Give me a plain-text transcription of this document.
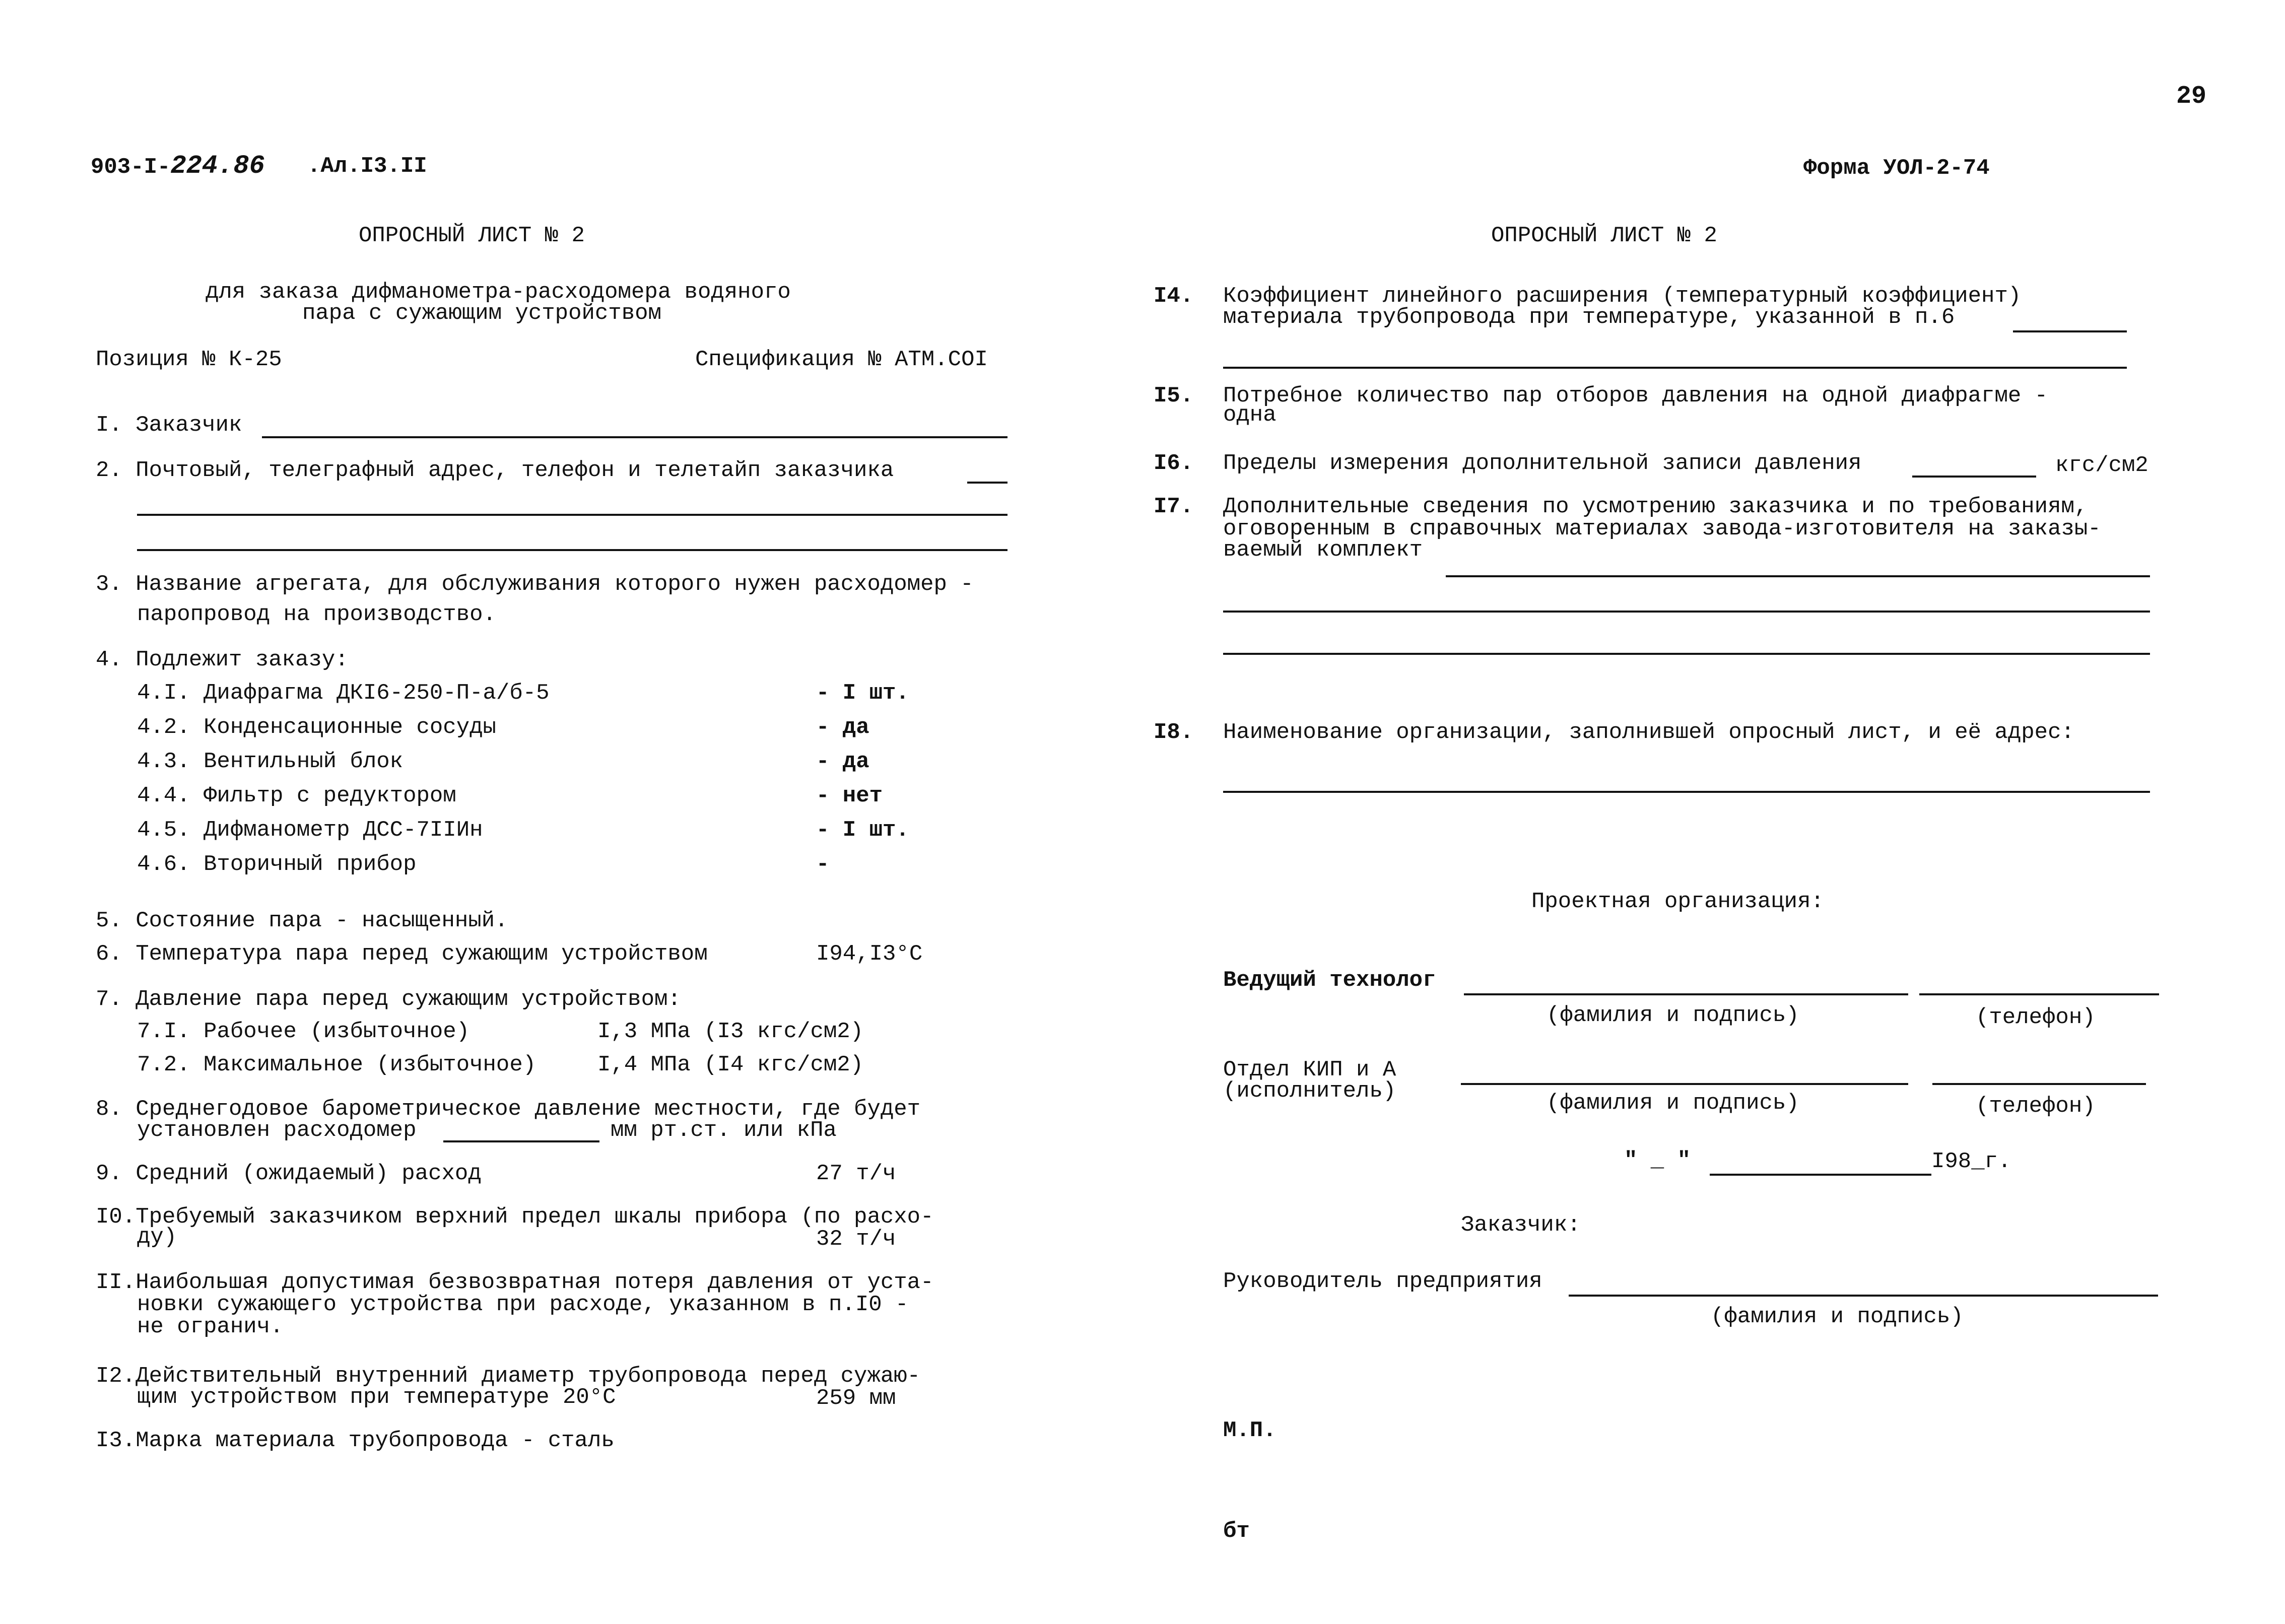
29
903-I-224.86 .Ал.I3.II	Форма УОЛ-2-74
ОПРОСНЫЙ ЛИСТ № 2
для заказа дифманометра-расходомера водяного
пара с сужающим устройством
Позиция № К-25	Спецификация № АТМ.СОI
I. Заказчик
2. Почтовый, телеграфный адрес, телефон и телетайп заказчика
3. Название агрегата, для обслуживания которого нужен расходомер -
паропровод на производство.
4. Подлежит заказу:
4.I. Диафрагма ДКI6-250-П-а/б-5	- I шт.
4.2. Конденсационные сосуды	- да
4.3. Вентильный блок	- да
4.4. Фильтр с редуктором	- нет
4.5. Дифманометр ДСС-7IIИн	- I шт.
4.6. Вторичный прибор	-
5. Состояние пара - насыщенный.
6. Температура пара перед сужающим устройством	I94,I3°С
7. Давление пара перед сужающим устройством:
7.I. Рабочее (избыточное)	I,3 МПа (I3 кгс/см2)
7.2. Максимальное (избыточное)	I,4 МПа (I4 кгс/см2)
8. Среднегодовое барометрическое давление местности, где будет
установлен расходомер	мм рт.ст. или кПа
9. Средний (ожидаемый) расход	27 т/ч
I0.Требуемый заказчиком верхний предел шкалы прибора (по расхо-
ду)	32 т/ч
II.Наибольшая допустимая безвозвратная потеря давления от уста-
новки сужающего устройства при расходе, указанном в п.I0 -
не огранич.
I2.Действительный внутренний диаметр трубопровода перед сужаю-
щим устройством при температуре 20°С	259 мм
I3.Марка материала трубопровода - сталь
ОПРОСНЫЙ ЛИСТ № 2
I4. Коэффициент линейного расширения (температурный коэффициент)
материала трубопровода при температуре, указанной в п.6
I5. Потребное количество пар отборов давления на одной диафрагме -
одна
I6. Пределы измерения дополнительной записи давления	кгс/см2
I7. Дополнительные сведения по усмотрению заказчика и по требованиям,
оговоренным в справочных материалах завода-изготовителя на заказы-
ваемый комплект
I8. Наименование организации, заполнившей опросный лист, и её адрес:
Проектная организация:
Ведущий технолог
(фамилия и подпись)	(телефон)
Отдел КИП и А
(исполнитель)	(фамилия и подпись)	(телефон)
" _ "	I98_г.
Заказчик:
Руководитель предприятия
(фамилия и подпись)
М.П.
бт
